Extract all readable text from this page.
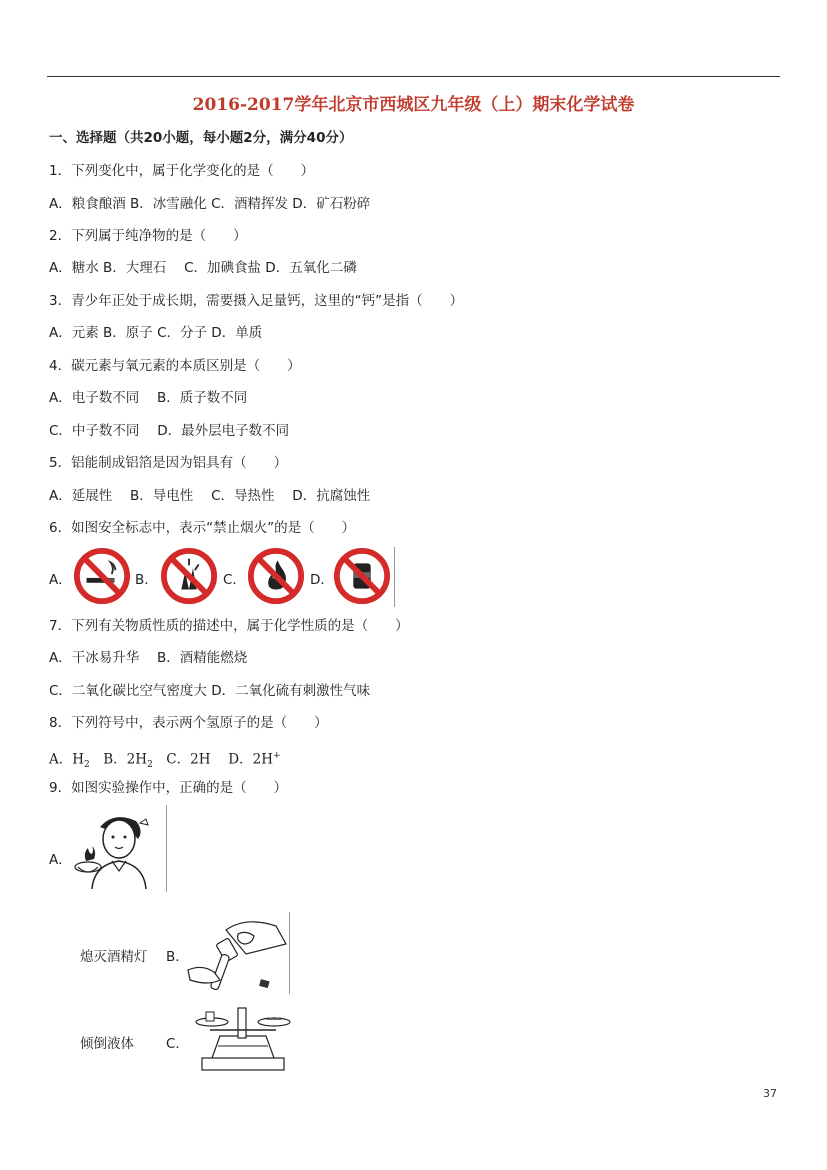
2016-2017学年北京市西城区九年级（上）期末化学试卷
一、选择题（共20小题，每小题2分，满分40分）
1．下列变化中，属于化学变化的是（　　）
A．粮食酿酒 B．冰雪融化 C．酒精挥发 D．矿石粉碎
2．下列属于纯净物的是（　　）
A．糖水 B．大理石　 C．加碘食盐 D．五氧化二磷
3．青少年正处于成长期，需要摄入足量钙，这里的“钙”是指（　　）
A．元素 B．原子 C．分子 D．单质
4．碳元素与氧元素的本质区别是（　　）
A．电子数不同　 B．质子数不同
C．中子数不同　 D．最外层电子数不同
5．铝能制成铝箔是因为铝具有（　　）
A．延展性　 B．导电性　 C．导热性　 D．抗腐蚀性
6．如图安全标志中，表示“禁止烟火”的是（　　）
A．	B．	C．	D．
7．下列有关物质性质的描述中，属于化学性质的是（　　）
A．干冰易升华　 B．酒精能燃烧
C．二氧化碳比空气密度大 D．二氧化硫有刺激性气味
8．下列符号中，表示两个氢原子的是（　　）
A．$H_2$　B．$2H_2$　C．2H　 D．2H+
9．如图实验操作中，正确的是（　　）
A．
熄灭酒精灯 B．
倾倒液体 C．
37
